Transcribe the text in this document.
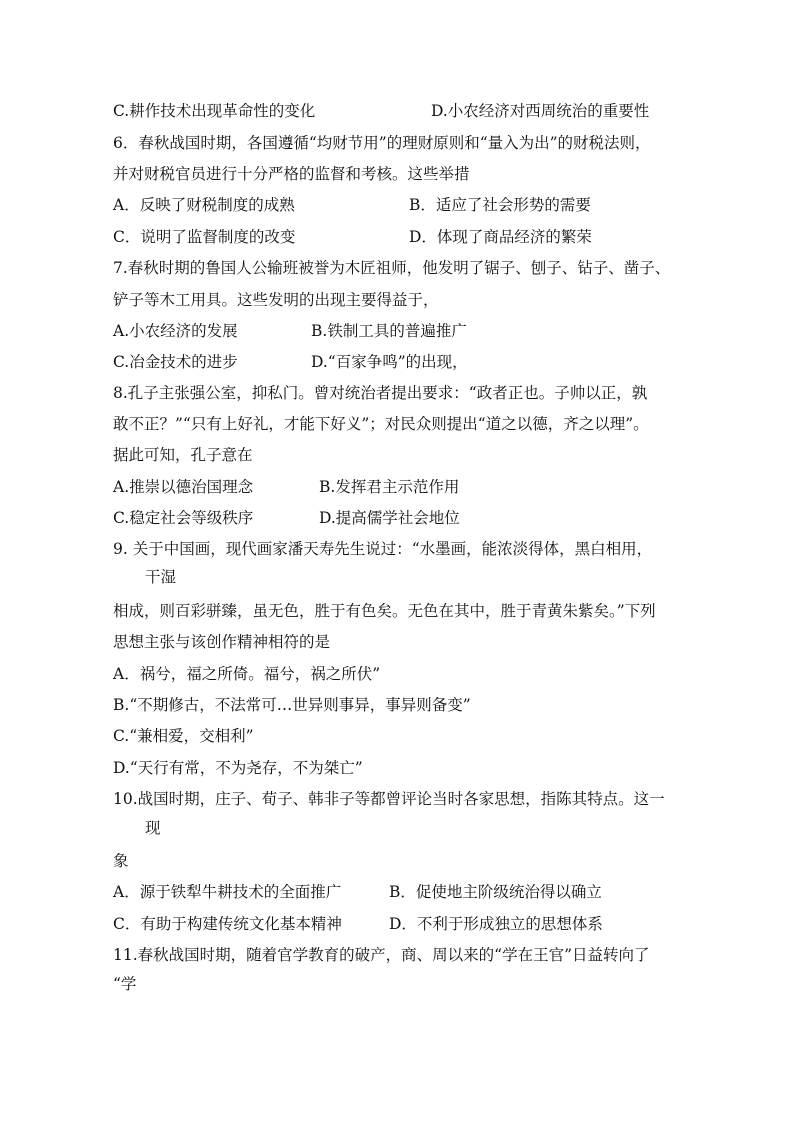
C.耕作技术出现革命性的变化	D.小农经济对西周统治的重要性
6．春秋战国时期，各国遵循“均财节用”的理财原则和“量入为出”的财税法则，
并对财税官员进行十分严格的监督和考核。这些举措
A．反映了财税制度的成熟	B．适应了社会形势的需要
C．说明了监督制度的改变	D．体现了商品经济的繁荣
7.春秋时期的鲁国人公输班被誉为木匠祖师，他发明了锯子、刨子、钻子、凿子、
铲子等木工用具。这些发明的出现主要得益于，
A.小农经济的发展	B.铁制工具的普遍推广
C.冶金技术的进步	D.“百家争鸣”的出现，
8.孔子主张强公室，抑私门。曾对统治者提出要求：“政者正也。子帅以正，孰
敢不正？”“只有上好礼，才能下好义”；对民众则提出“道之以德，齐之以理”。
据此可知，孔子意在
A.推崇以德治国理念	B.发挥君主示范作用
C.稳定社会等级秩序	D.提高儒学社会地位
9. 关于中国画，现代画家潘天寿先生说过：“水墨画，能浓淡得体，黑白相用，
干湿
相成，则百彩骈臻，虽无色，胜于有色矣。无色在其中，胜于青黄朱紫矣。”下列
思想主张与该创作精神相符的是
A．祸兮，福之所倚。福兮，祸之所伏”
B.“不期修古，不法常可…世异则事异，事异则备变”
C.“兼相爱，交相利”
D.“天行有常，不为尧存，不为桀亡”
10.战国时期，庄子、荀子、韩非子等都曾评论当时各家思想，指陈其特点。这一
现
象
A．源于铁犁牛耕技术的全面推广	B．促使地主阶级统治得以确立
C．有助于构建传统文化基本精神	D．不利于形成独立的思想体系
11.春秋战国时期，随着官学教育的破产，商、周以来的“学在王官”日益转向了
“学
